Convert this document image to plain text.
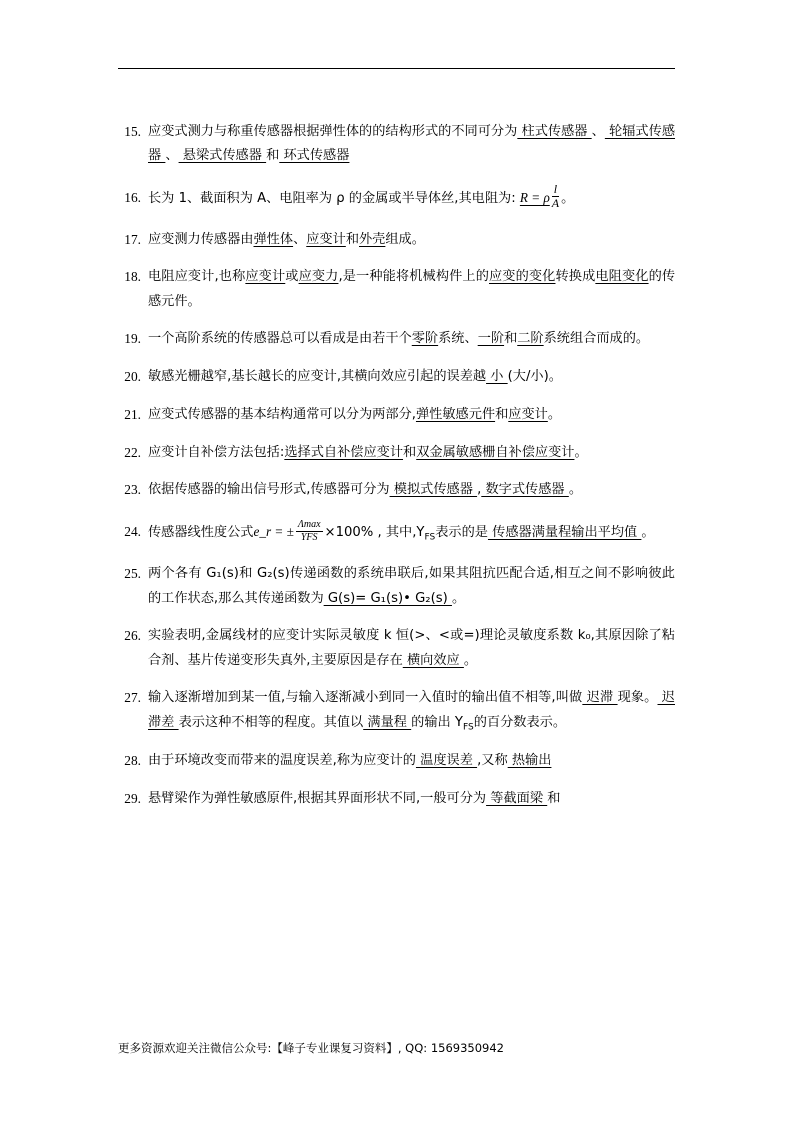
15. 应变式测力与称重传感器根据弹性体的的结构形式的不同可分为 柱式传感器 、 轮辐式传感器 、 悬梁式传感器 和 环式传感器
16. 长为 1、截面积为 A、电阻率为 ρ 的金属或半导体丝,其电阻为: R = ρ $\frac{l}{A}$ 。
17. 应变测力传感器由弹性体、应变计和外壳组成。
18. 电阻应变计,也称应变计或应变力,是一种能将机械构件上的应变的变化转换成电阻变化的传感元件。
19. 一个高阶系统的传感器总可以看成是由若干个零阶系统、一阶和二阶系统组合而成的。
20. 敏感光栅越窄,基长越长的应变计,其横向效应引起的误差越 小 (大/小)。
21. 应变式传感器的基本结构通常可以分为两部分,弹性敏感元件和应变计。
22. 应变计自补偿方法包括:选择式自补偿应变计和双金属敏感栅自补偿应变计。
23. 依据传感器的输出信号形式,传感器可分为 模拟式传感器 , 数字式传感器 。
24. 传感器线性度公式e_r = ± $\frac{\Lambda\max}{\text{YFS}} \times 100\%$ , 其中$,Y_{FS}$表示的是 传感器满量程输出平均值 。
25. 两个各有 G₁(s)和 G₂(s)传递函数的系统串联后,如果其阻抗匹配合适,相互之间不影响彼此的工作状态,那么其传递函数为 G(s)= G₁(s)• G₂(s) 。
26. 实验表明,金属线材的应变计实际灵敏度 k 恒(>、<或=)理论灵敏度系数 k₀,其原因除了粘合剂、基片传递变形失真外,主要原因是存在 横向效应 。
27. 输入逐渐增加到某一值,与输入逐渐减小到同一入值时的输出值不相等,叫做 迟滞 现象。 迟滞差 表示这种不相等的程度。其值以 满量程 的输出 $Y_{FS}$的百分数表示。
28. 由于环境改变而带来的温度误差,称为应变计的 温度误差 ,又称 热输出
29. 悬臂梁作为弹性敏感原件,根据其界面形状不同,一般可分为 等截面梁 和
更多资源欢迎关注微信公众号:【峰子专业课复习资料】, QQ: 1569350942
